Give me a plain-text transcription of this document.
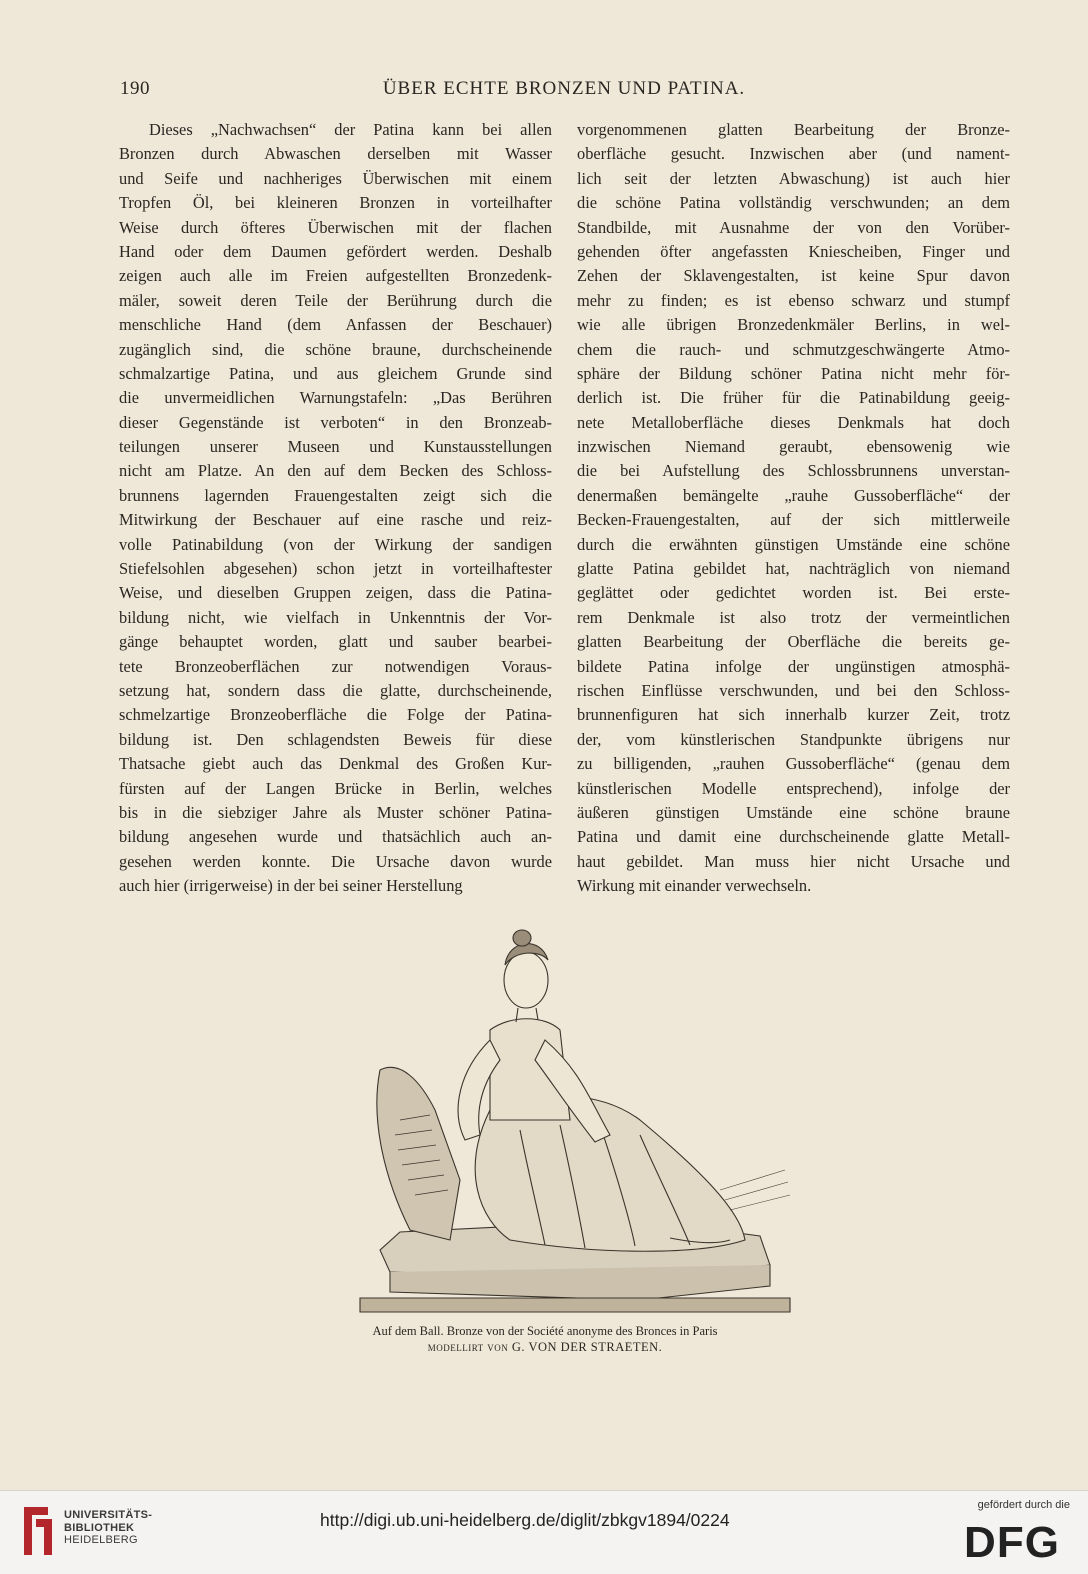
190	ÜBER ECHTE BRONZEN UND PATINA.
Dieses „Nachwachsen“ der Patina kann bei allen
Bronzen durch Abwaschen derselben mit Wasser
und Seife und nachheriges Überwischen mit einem
Tropfen Öl, bei kleineren Bronzen in vorteilhafter
Weise durch öfteres Überwischen mit der flachen
Hand oder dem Daumen gefördert werden. Deshalb
zeigen auch alle im Freien aufgestellten Bronzedenk-
mäler, soweit deren Teile der Berührung durch die
menschliche Hand (dem Anfassen der Beschauer)
zugänglich sind, die schöne braune, durchscheinende
schmalzartige Patina, und aus gleichem Grunde sind
die unvermeidlichen Warnungstafeln: „Das Berühren
dieser Gegenstände ist verboten“ in den Bronzeab-
teilungen unserer Museen und Kunstausstellungen
nicht am Platze. An den auf dem Becken des Schloss-
brunnens lagernden Frauengestalten zeigt sich die
Mitwirkung der Beschauer auf eine rasche und reiz-
volle Patinabildung (von der Wirkung der sandigen
Stiefelsohlen abgesehen) schon jetzt in vorteilhaftester
Weise, und dieselben Gruppen zeigen, dass die Patina-
bildung nicht, wie vielfach in Unkenntnis der Vor-
gänge behauptet worden, glatt und sauber bearbei-
tete Bronzeoberflächen zur notwendigen Voraus-
setzung hat, sondern dass die glatte, durchscheinende,
schmelzartige Bronzeoberfläche die Folge der Patina-
bildung ist. Den schlagendsten Beweis für diese
Thatsache giebt auch das Denkmal des Großen Kur-
fürsten auf der Langen Brücke in Berlin, welches
bis in die siebziger Jahre als Muster schöner Patina-
bildung angesehen wurde und thatsächlich auch an-
gesehen werden konnte. Die Ursache davon wurde
auch hier (irrigerweise) in der bei seiner Herstellung
vorgenommenen glatten Bearbeitung der Bronze-
oberfläche gesucht. Inzwischen aber (und nament-
lich seit der letzten Abwaschung) ist auch hier
die schöne Patina vollständig verschwunden; an dem
Standbilde, mit Ausnahme der von den Vorüber-
gehenden öfter angefassten Kniescheiben, Finger und
Zehen der Sklavengestalten, ist keine Spur davon
mehr zu finden; es ist ebenso schwarz und stumpf
wie alle übrigen Bronzedenkmäler Berlins, in wel-
chem die rauch- und schmutzgeschwängerte Atmo-
sphäre der Bildung schöner Patina nicht mehr för-
derlich ist. Die früher für die Patinabildung geeig-
nete Metalloberfläche dieses Denkmals hat doch
inzwischen Niemand geraubt, ebensowenig wie
die bei Aufstellung des Schlossbrunnens unverstan-
denermaßen bemängelte „rauhe Gussoberfläche“ der
Becken-Frauengestalten, auf der sich mittlerweile
durch die erwähnten günstigen Umstände eine schöne
glatte Patina gebildet hat, nachträglich von niemand
geglättet oder gedichtet worden ist. Bei erste-
rem Denkmale ist also trotz der vermeintlichen
glatten Bearbeitung der Oberfläche die bereits ge-
bildete Patina infolge der ungünstigen atmosphä-
rischen Einflüsse verschwunden, und bei den Schloss-
brunnenfiguren hat sich innerhalb kurzer Zeit, trotz
der, vom künstlerischen Standpunkte übrigens nur
zu billigenden, „rauhen Gussoberfläche“ (genau dem
künstlerischen Modelle entsprechend), infolge der
äußeren günstigen Umstände eine schöne braune
Patina und damit eine durchscheinende glatte Metall-
haut gebildet. Man muss hier nicht Ursache und
Wirkung mit einander verwechseln.
Auf dem Ball. Bronze von der Société anonyme des Bronces in Paris
modellirt von G. VON DER STRAETEN.
UNIVERSITÄTS-
BIBLIOTHEK
HEIDELBERG
http://digi.ub.uni-heidelberg.de/diglit/zbkgv1894/0224
gefördert durch die
DFG
